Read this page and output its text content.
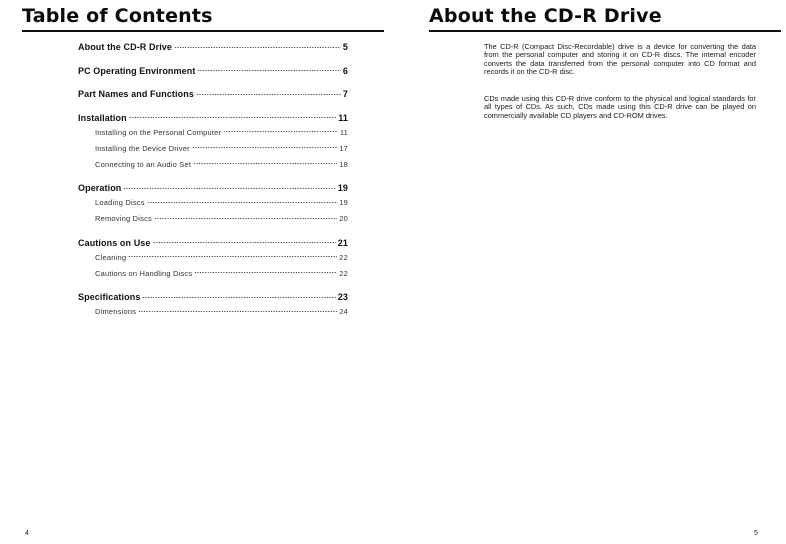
Table of Contents
About the CD-R Drive	5
PC Operating Environment	6
Part Names and Functions	7
Installation	11
Installing on the Personal Computer	11
Installing the Device Driver	17
Connecting to an Audio Set	18
Operation	19
Loading Discs	19
Removing Discs	20
Cautions on Use	21
Cleaning	22
Cautions on Handling Discs	22
Specifications	23
Dimensions	24
4
About the CD-R Drive

The CD-R (Compact Disc-Recordable) drive is a device for converting the data from the personal computer and storing it on CD-R discs. The internal encoder converts the data transferred from the personal computer into CD format and records it on the CD-R disc.

CDs made using this CD-R drive conform to the physical and logical standards for all types of CDs. As such, CDs made using this CD-R drive can be played on commercially available CD players and CD-ROM drives.

5
